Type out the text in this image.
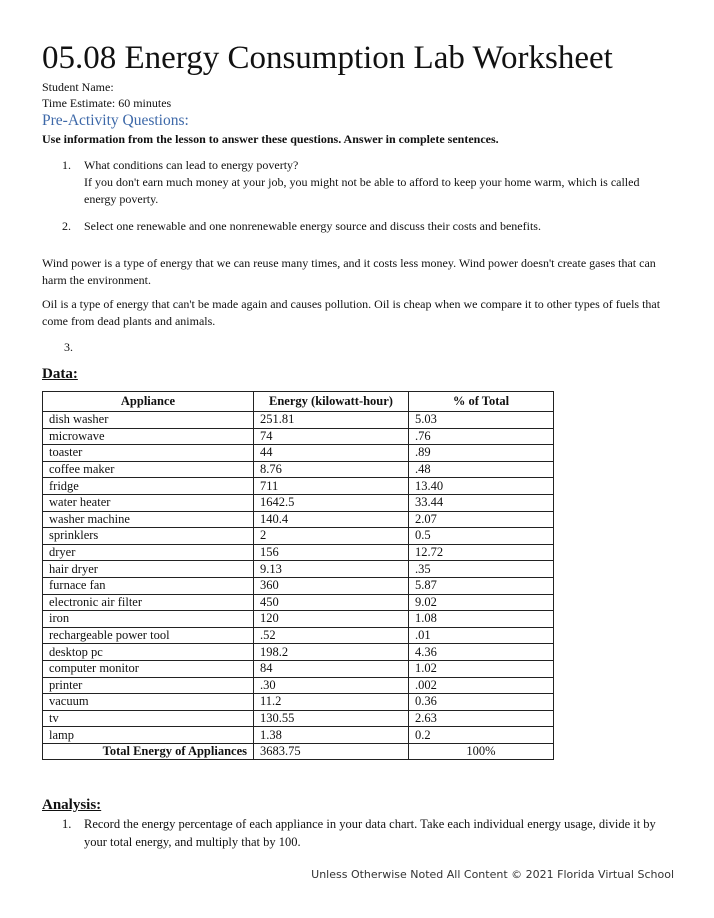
05.08 Energy Consumption Lab Worksheet
Student Name:
Time Estimate: 60 minutes
Pre-Activity Questions:
Use information from the lesson to answer these questions. Answer in complete sentences.
1. What conditions can lead to energy poverty?
If you don't earn much money at your job, you might not be able to afford to keep your home warm, which is called energy poverty.
2. Select one renewable and one nonrenewable energy source and discuss their costs and benefits.
Wind power is a type of energy that we can reuse many times, and it costs less money. Wind power doesn't create gases that can harm the environment.
Oil is a type of energy that can't be made again and causes pollution. Oil is cheap when we compare it to other types of fuels that come from dead plants and animals.
3.
Data:
Appliance	Energy (kilowatt-hour)	% of Total
dish washer	251.81	5.03
microwave	74	.76
toaster	44	.89
coffee maker	8.76	.48
fridge	711	13.40
water heater	1642.5	33.44
washer machine	140.4	2.07
sprinklers	2	0.5
dryer	156	12.72
hair dryer	9.13	.35
furnace fan	360	5.87
electronic air filter	450	9.02
iron	120	1.08
rechargeable power tool	.52	.01
desktop pc	198.2	4.36
computer monitor	84	1.02
printer	.30	.002
vacuum	11.2	0.36
tv	130.55	2.63
lamp	1.38	0.2
Total Energy of Appliances	3683.75	100%
Analysis:
1. Record the energy percentage of each appliance in your data chart. Take each individual energy usage, divide it by your total energy, and multiply that by 100.
Unless Otherwise Noted All Content © 2021 Florida Virtual School
